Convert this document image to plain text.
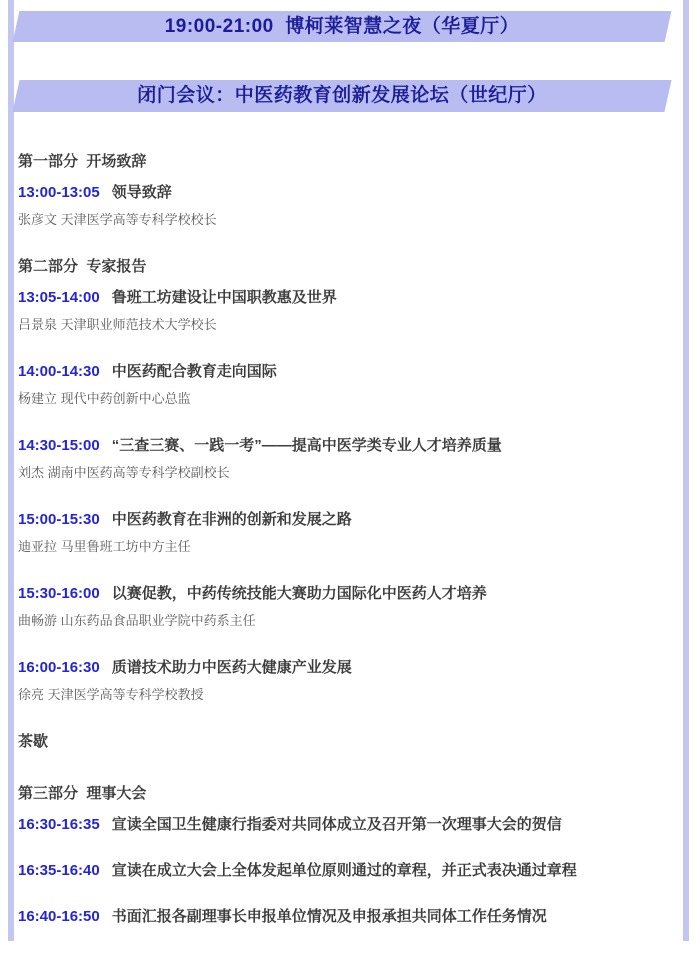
19:00-21:00  博柯莱智慧之夜（华夏厅）
闭门会议：中医药教育创新发展论坛（世纪厅）
第一部分  开场致辞
13:00-13:05 领导致辞
张彦文 天津医学高等专科学校校长
第二部分  专家报告
13:05-14:00 鲁班工坊建设让中国职教惠及世界
吕景泉 天津职业师范技术大学校长
14:00-14:30 中医药配合教育走向国际
杨建立 现代中药创新中心总监
14:30-15:00 “三查三赛、一践一考”——提高中医学类专业人才培养质量
刘杰 湖南中医药高等专科学校副校长
15:00-15:30 中医药教育在非洲的创新和发展之路
迪亚拉 马里鲁班工坊中方主任
15:30-16:00 以赛促教，中药传统技能大赛助力国际化中医药人才培养
曲畅游 山东药品食品职业学院中药系主任
16:00-16:30 质谱技术助力中医药大健康产业发展
徐亮 天津医学高等专科学校教授
茶歇
第三部分  理事大会
16:30-16:35 宣读全国卫生健康行指委对共同体成立及召开第一次理事大会的贺信
16:35-16:40 宣读在成立大会上全体发起单位原则通过的章程，并正式表决通过章程
16:40-16:50 书面汇报各副理事长申报单位情况及申报承担共同体工作任务情况
